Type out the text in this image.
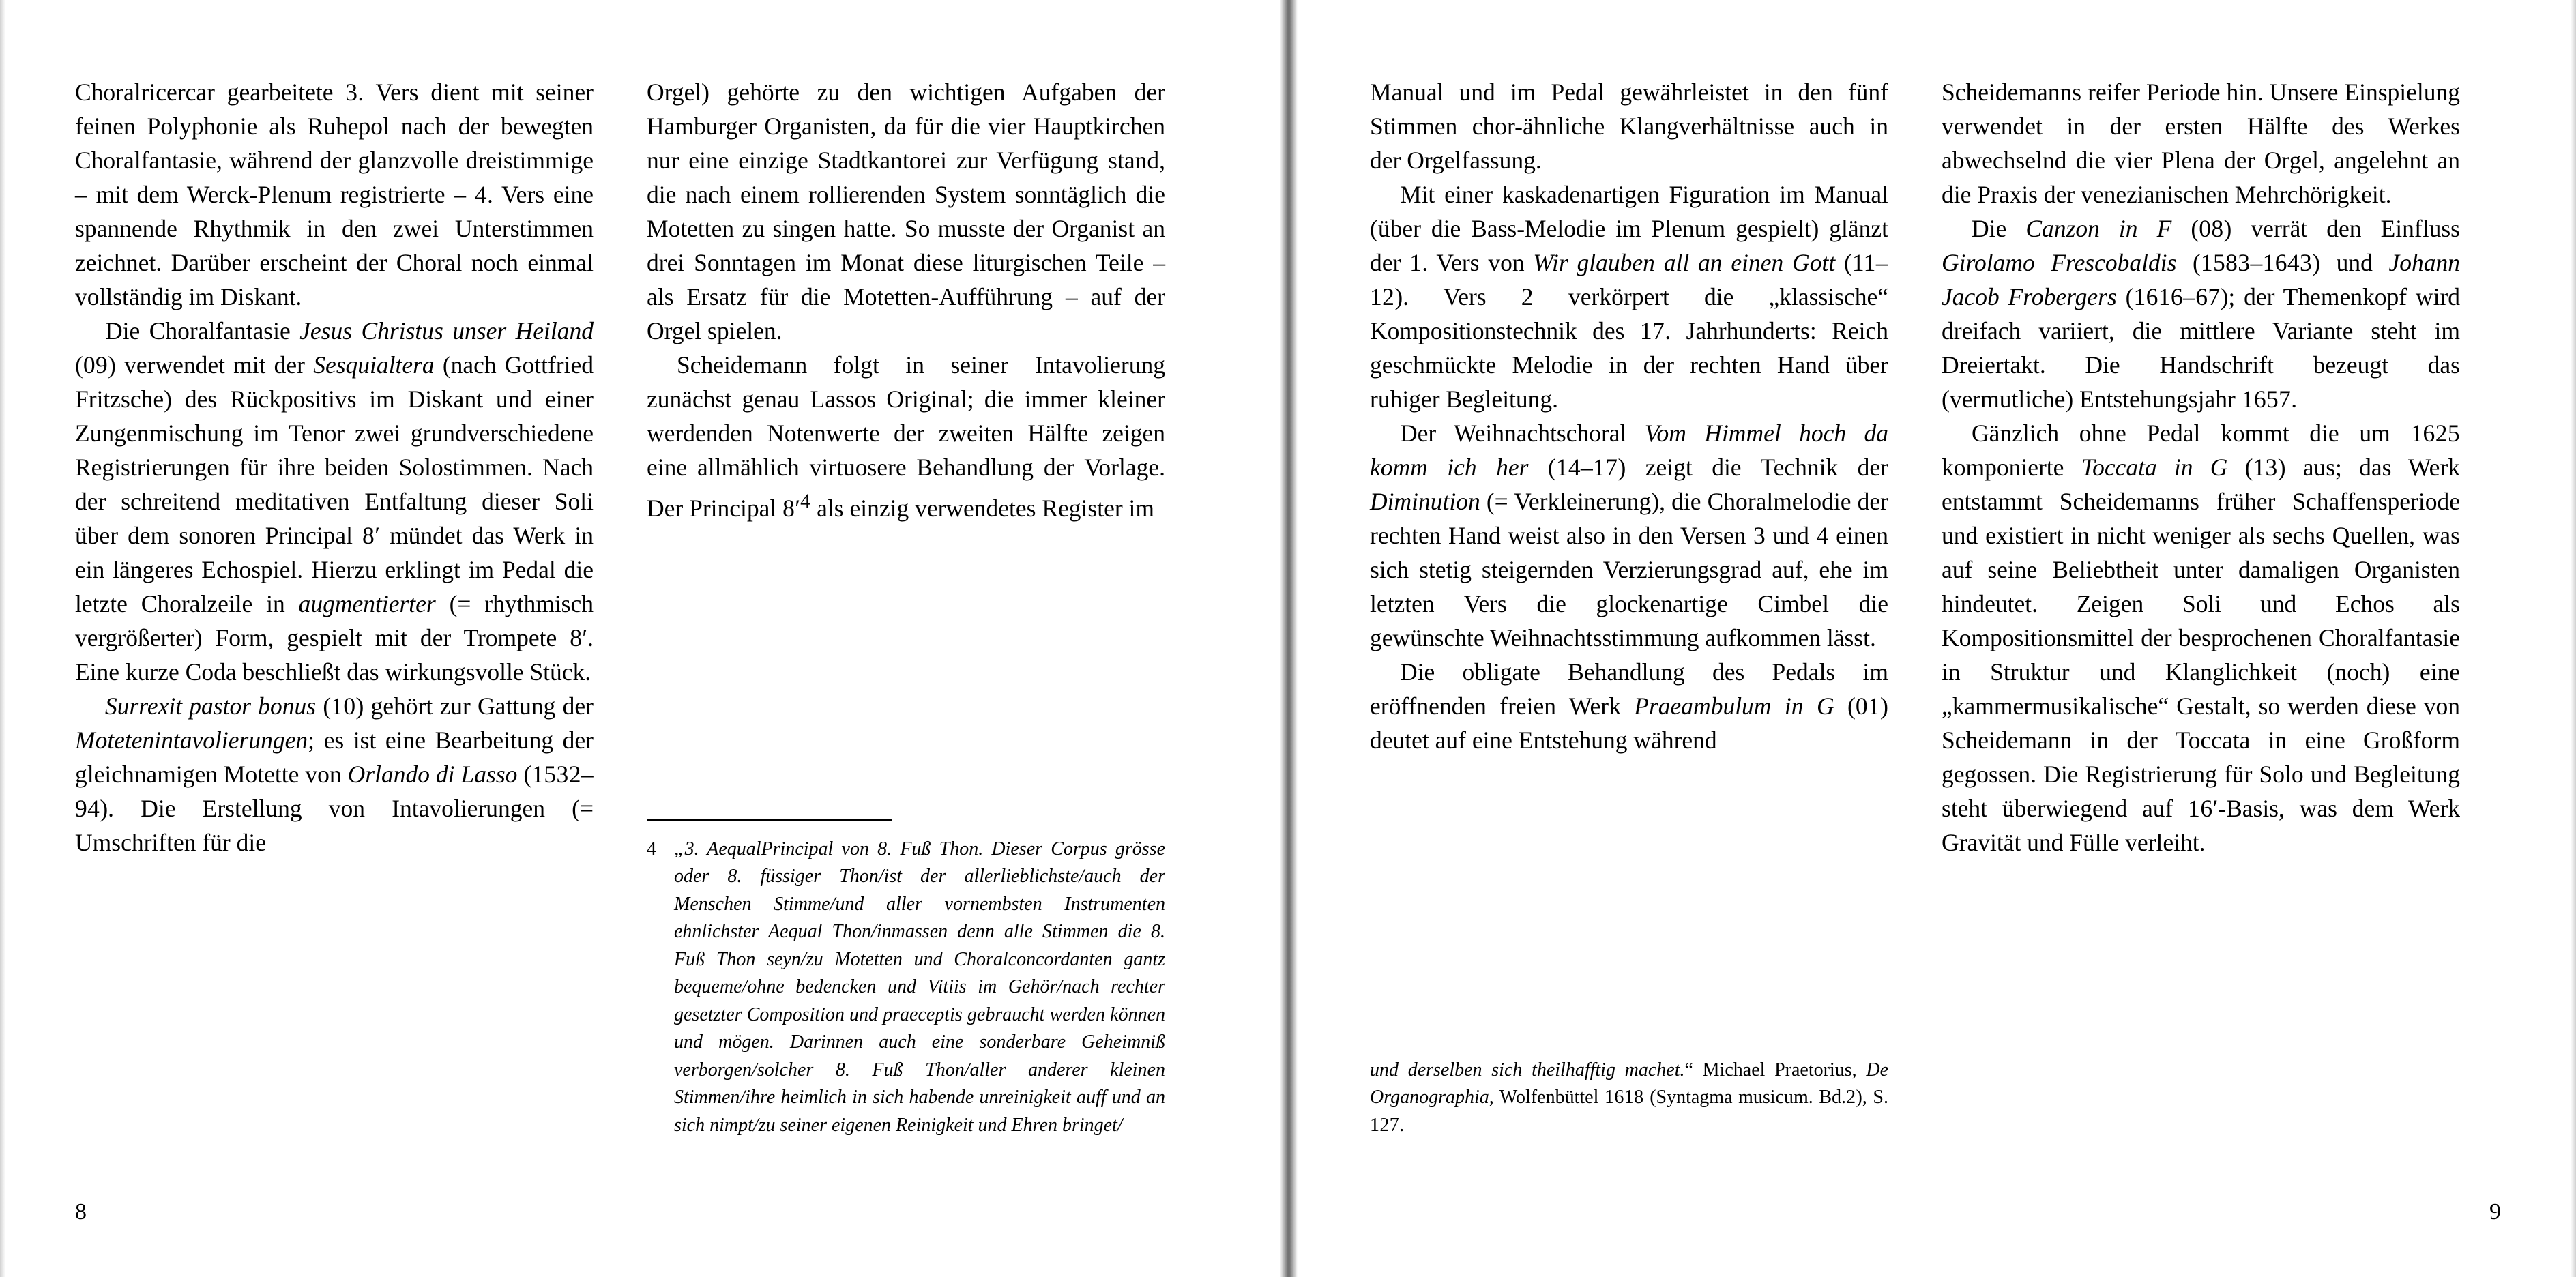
Choralricercar gearbeitete 3. Vers dient mit seiner feinen Polyphonie als Ruhepol nach der bewegten Choralfantasie, während der glanzvolle dreistimmige – mit dem Werck-Plenum registrierte – 4. Vers eine spannende Rhythmik in den zwei Unterstimmen zeichnet. Darüber erscheint der Choral noch einmal vollständig im Diskant.

Die Choralfantasie Jesus Christus unser Heiland (09) verwendet mit der Sesquialtera (nach Gottfried Fritzsche) des Rückpositivs im Diskant und einer Zungenmischung im Tenor zwei grundverschiedene Registrierungen für ihre beiden Solostimmen. Nach der schreitend meditativen Entfaltung dieser Soli über dem sonoren Principal 8′ mündet das Werk in ein längeres Echospiel. Hierzu erklingt im Pedal die letzte Choralzeile in augmentierter (= rhythmisch vergrößerter) Form, gespielt mit der Trompete 8′. Eine kurze Coda beschließt das wirkungsvolle Stück.

Surrexit pastor bonus (10) gehört zur Gattung der Motetenintavolierungen; es ist eine Bearbeitung der gleichnamigen Motette von Orlando di Lasso (1532–94). Die Erstellung von Intavolierungen (= Umschriften für die

Orgel) gehörte zu den wichtigen Aufgaben der Hamburger Organisten, da für die vier Hauptkirchen nur eine einzige Stadtkantorei zur Verfügung stand, die nach einem rollierenden System sonntäglich die Motetten zu singen hatte. So musste der Organist an drei Sonntagen im Monat diese liturgischen Teile – als Ersatz für die Motetten-Aufführung – auf der Orgel spielen.

Scheidemann folgt in seiner Intavolierung zunächst genau Lassos Original; die immer kleiner werdenden Notenwerte der zweiten Hälfte zeigen eine allmählich virtuosere Behandlung der Vorlage. Der Principal $8'^4$ als einzig verwendetes Register im

4 „3. AequalPrincipal von 8. Fuß Thon. Dieser Corpus grösse oder 8. füssiger Thon/ist der allerlieblichste/auch der Menschen Stimme/und aller vornembsten Instrumenten ehnlichster Aequal Thon/inmassen denn alle Stimmen die 8. Fuß Thon seyn/zu Motetten und Choralconcordanten gantz bequeme/ohne bedencken und Vitiis im Gehör/nach rechter gesetzter Composition und praeceptis gebraucht werden können und mögen. Darinnen auch eine sonderbare Geheimniß verborgen/solcher 8. Fuß Thon/aller anderer kleinen Stimmen/ihre heimlich in sich habende unreinigkeit auff und an sich nimpt/zu seiner eigenen Reinigkeit und Ehren bringet/
8

Manual und im Pedal gewährleistet in den fünf Stimmen chor-ähnliche Klangverhältnisse auch in der Orgelfassung.

Mit einer kaskadenartigen Figuration im Manual (über die Bass-Melodie im Plenum gespielt) glänzt der 1. Vers von Wir glauben all an einen Gott (11–12). Vers 2 verkörpert die „klassische“ Kompositionstechnik des 17. Jahrhunderts: Reich geschmückte Melodie in der rechten Hand über ruhiger Begleitung.

Der Weihnachtschoral Vom Himmel hoch da komm ich her (14–17) zeigt die Technik der Diminution (= Verkleinerung), die Choralmelodie der rechten Hand weist also in den Versen 3 und 4 einen sich stetig steigernden Verzierungsgrad auf, ehe im letzten Vers die glockenartige Cimbel die gewünschte Weihnachtsstimmung aufkommen lässt.

Die obligate Behandlung des Pedals im eröffnenden freien Werk Praeambulum in G (01) deutet auf eine Entstehung während

und derselben sich theilhafftig machet.“ Michael Praetorius, De Organographia, Wolfenbüttel 1618 (Syntagma musicum. Bd.2), S. 127.

Scheidemanns reifer Periode hin. Unsere Einspielung verwendet in der ersten Hälfte des Werkes abwechselnd die vier Plena der Orgel, angelehnt an die Praxis der venezianischen Mehrchörigkeit.

Die Canzon in F (08) verrät den Einfluss Girolamo Frescobaldis (1583–1643) und Johann Jacob Frobergers (1616–67); der Themenkopf wird dreifach variiert, die mittlere Variante steht im Dreiertakt. Die Handschrift bezeugt das (vermutliche) Entstehungsjahr 1657.

Gänzlich ohne Pedal kommt die um 1625 komponierte Toccata in G (13) aus; das Werk entstammt Scheidemanns früher Schaffensperiode und existiert in nicht weniger als sechs Quellen, was auf seine Beliebtheit unter damaligen Organisten hindeutet. Zeigen Soli und Echos als Kompositionsmittel der besprochenen Choralfantasie in Struktur und Klanglichkeit (noch) eine „kammermusikalische“ Gestalt, so werden diese von Scheidemann in der Toccata in eine Großform gegossen. Die Registrierung für Solo und Begleitung steht überwiegend auf 16′-Basis, was dem Werk Gravität und Fülle verleiht.

9
